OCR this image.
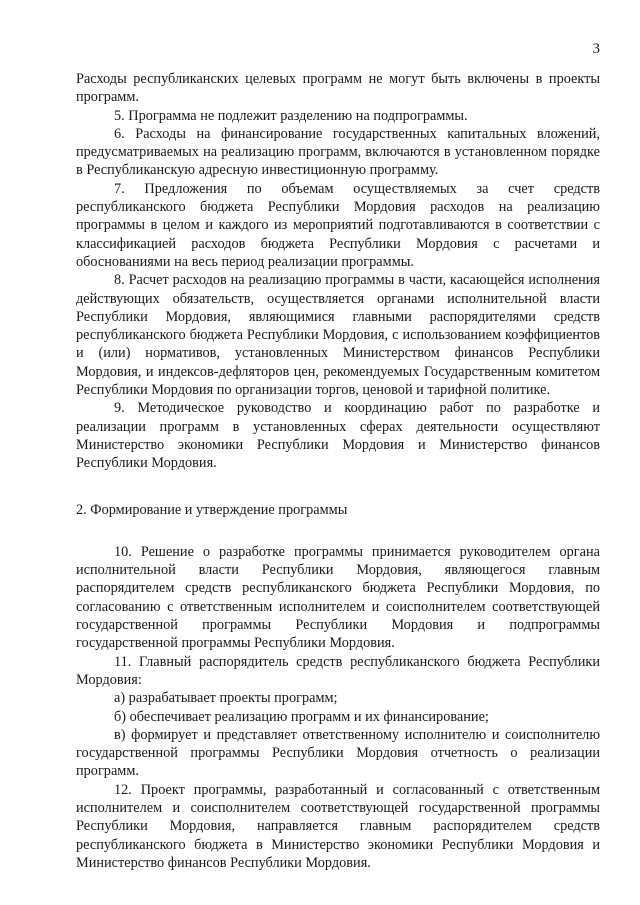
3

Расходы республиканских целевых программ не могут быть включены в проекты программ.

5. Программа не подлежит разделению на подпрограммы.

6. Расходы на финансирование государственных капитальных вложений, предусматриваемых на реализацию программ, включаются в установленном порядке в Республиканскую адресную инвестиционную программу.

7. Предложения по объемам осуществляемых за счет средств республиканского бюджета Республики Мордовия расходов на реализацию программы в целом и каждого из мероприятий подготавливаются в соответствии с классификацией расходов бюджета Республики Мордовия с расчетами и обоснованиями на весь период реализации программы.

8. Расчет расходов на реализацию программы в части, касающейся исполнения действующих обязательств, осуществляется органами исполнительной власти Республики Мордовия, являющимися главными распорядителями средств республиканского бюджета Республики Мордовия, с использованием коэффициентов и (или) нормативов, установленных Министерством финансов Республики Мордовия, и индексов-дефляторов цен, рекомендуемых Государственным комитетом Республики Мордовия по организации торгов, ценовой и тарифной политике.

9. Методическое руководство и координацию работ по разработке и реализации программ в установленных сферах деятельности осуществляют Министерство экономики Республики Мордовия и Министерство финансов Республики Мордовия.

2. Формирование и утверждение программы

10. Решение о разработке программы принимается руководителем органа исполнительной власти Республики Мордовия, являющегося главным распорядителем средств республиканского бюджета Республики Мордовия, по согласованию с ответственным исполнителем и соисполнителем соответствующей государственной программы Республики Мордовия и подпрограммы государственной программы Республики Мордовия.

11. Главный распорядитель средств республиканского бюджета Республики Мордовия:

а) разрабатывает проекты программ;

б) обеспечивает реализацию программ и их финансирование;

в) формирует и представляет ответственному исполнителю и соисполнителю государственной программы Республики Мордовия отчетность о реализации программ.

12. Проект программы, разработанный и согласованный с ответственным исполнителем и соисполнителем соответствующей государственной программы Республики Мордовия, направляется главным распорядителем средств республиканского бюджета в Министерство экономики Республики Мордовия и Министерство финансов Республики Мордовия.
